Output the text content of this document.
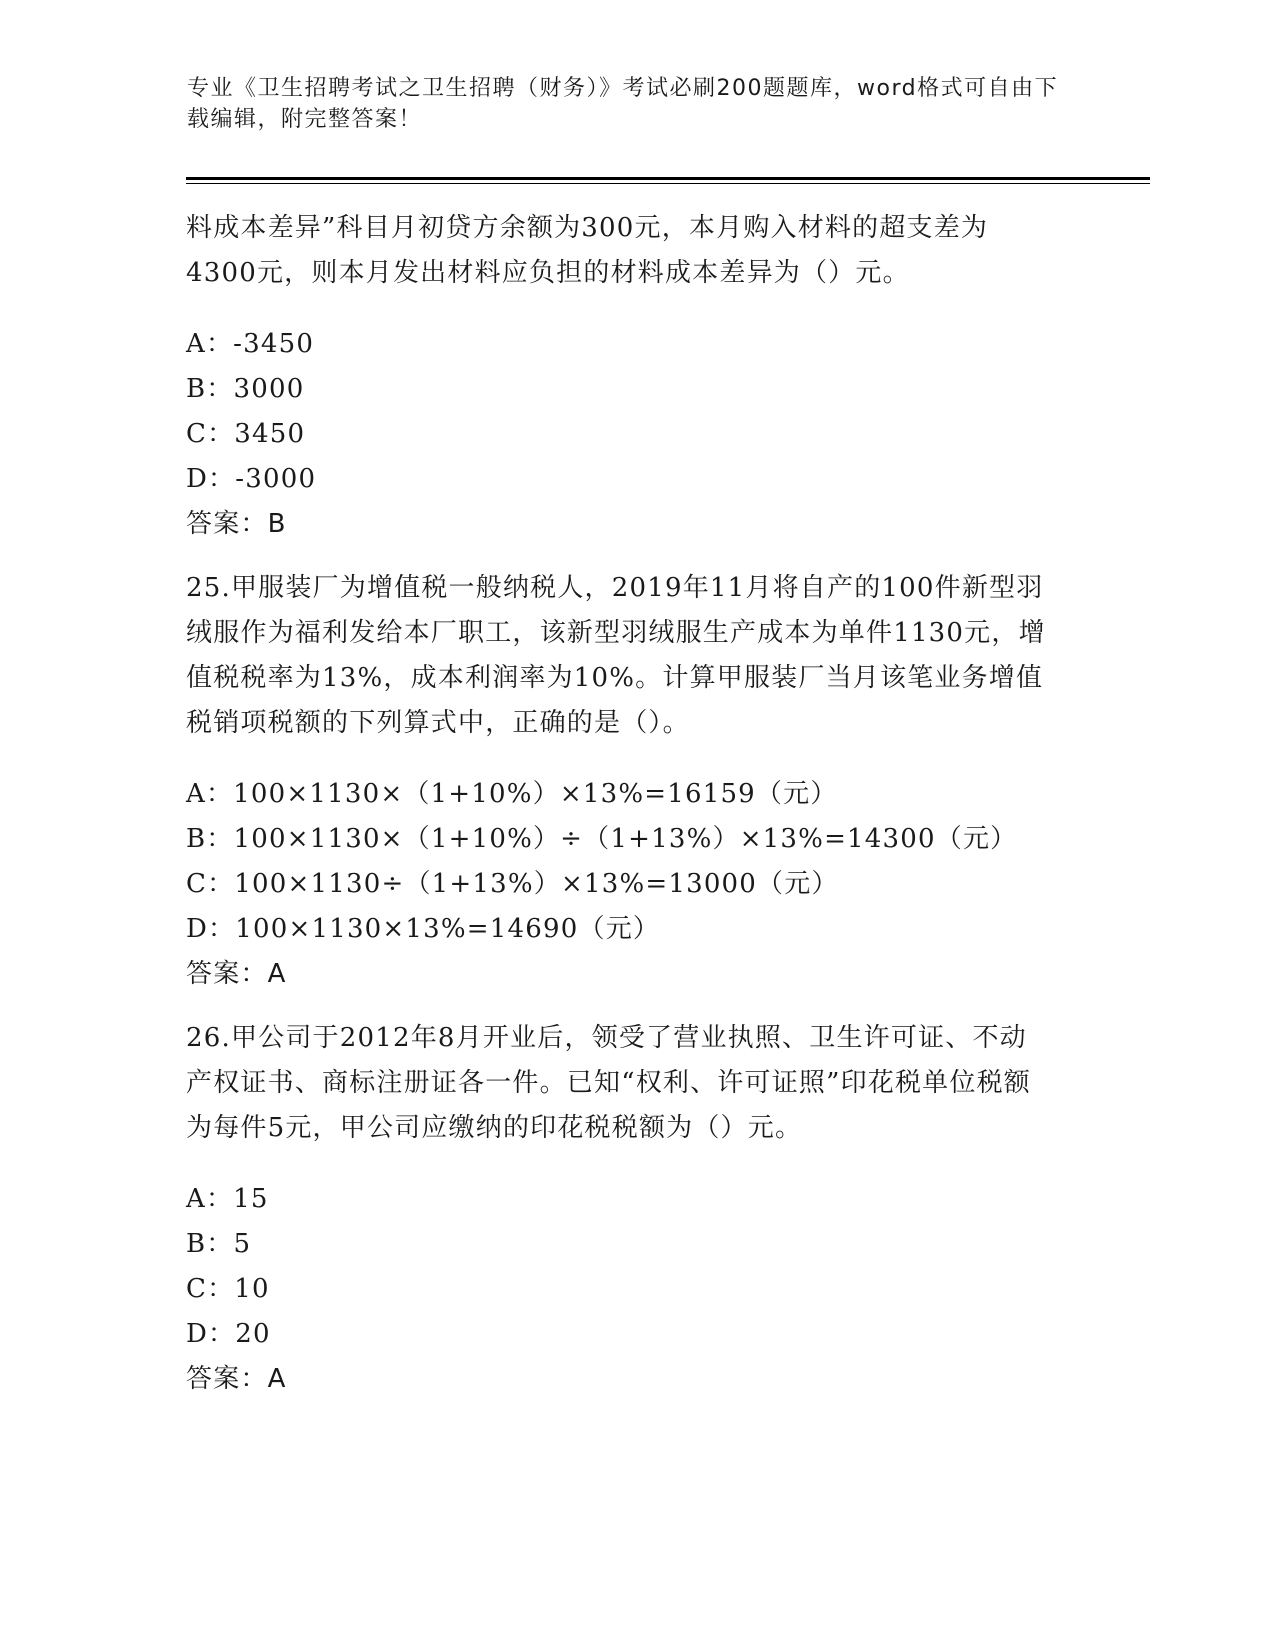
专业《卫生招聘考试之卫生招聘（财务）》考试必刷200题题库，word格式可自由下载编辑，附完整答案！

料成本差异”科目月初贷方余额为300元，本月购入材料的超支差为4300元，则本月发出材料应负担的材料成本差异为（）元。

A：-3450

B：3000

C：3450

D：-3000

答案：B

25.甲服装厂为增值税一般纳税人，2019年11月将自产的100件新型羽绒服作为福利发给本厂职工，该新型羽绒服生产成本为单件1130元，增值税税率为13%，成本利润率为10%。计算甲服装厂当月该笔业务增值税销项税额的下列算式中，正确的是（）。

A：100×1130×（1+10%）×13%=16159（元）

B：100×1130×（1+10%）÷（1+13%）×13%=14300（元）

C：100×1130÷（1+13%）×13%=13000（元）

D：100×1130×13%=14690（元）

答案：A

26.甲公司于2012年8月开业后，领受了营业执照、卫生许可证、不动产权证书、商标注册证各一件。已知“权利、许可证照”印花税单位税额为每件5元，甲公司应缴纳的印花税税额为（）元。

A：15

B：5

C：10

D：20

答案：A
